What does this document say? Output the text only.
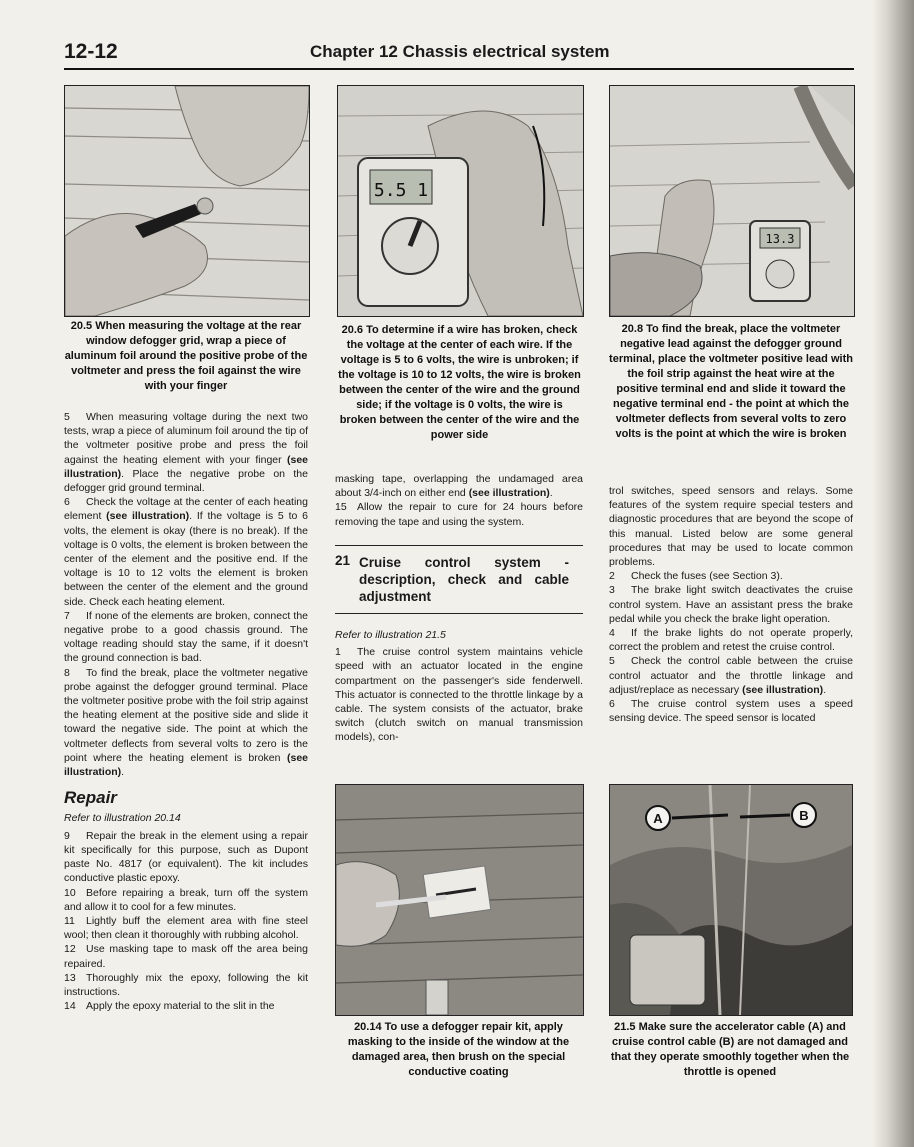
12-12	Chapter 12 Chassis electrical system
20.5 When measuring the voltage at the rear window defogger grid, wrap a piece of aluminum foil around the positive probe of the voltmeter and press the foil against the wire with your finger
5.5 1
20.6 To determine if a wire has broken, check the voltage at the center of each wire. If the voltage is 5 to 6 volts, the wire is unbroken; if the voltage is 10 to 12 volts, the wire is broken between the center of the wire and the ground side; if the voltage is 0 volts, the wire is broken between the center of the wire and the power side
13.3
20.8 To find the break, place the voltmeter negative lead against the defogger ground terminal, place the voltmeter positive lead with the foil strip against the heat wire at the positive terminal end and slide it toward the negative terminal end - the point at which the voltmeter deflects from several volts to zero volts is the point at which the wire is broken

5 When measuring voltage during the next two tests, wrap a piece of aluminum foil around the tip of the voltmeter positive probe and press the foil against the heating element with your finger (see illustration). Place the negative probe on the defogger grid ground terminal.

6 Check the voltage at the center of each heating element (see illustration). If the voltage is 5 to 6 volts, the element is okay (there is no break). If the voltage is 0 volts, the element is broken between the center of the element and the positive end. If the voltage is 10 to 12 volts the element is broken between the center of the element and the ground side. Check each heating element.

7 If none of the elements are broken, connect the negative probe to a good chassis ground. The voltage reading should stay the same, if it doesn't the ground connection is bad.

8 To find the break, place the voltmeter negative probe against the defogger ground terminal. Place the voltmeter positive probe with the foil strip against the heating element at the positive side and slide it toward the negative side. The point at which the voltmeter deflects from several volts to zero is the point where the heating element is broken (see illustration).

Repair

Refer to illustration 20.14

9 Repair the break in the element using a repair kit specifically for this purpose, such as Dupont paste No. 4817 (or equivalent). The kit includes conductive plastic epoxy.

10 Before repairing a break, turn off the system and allow it to cool for a few minutes.

11 Lightly buff the element area with fine steel wool; then clean it thoroughly with rubbing alcohol.

12 Use masking tape to mask off the area being repaired.

13 Thoroughly mix the epoxy, following the kit instructions.

14 Apply the epoxy material to the slit in the

masking tape, overlapping the undamaged area about 3/4-inch on either end (see illustration).

15 Allow the repair to cure for 24 hours before removing the tape and using the system.

21 Cruise control system - description, check and cable adjustment

Refer to illustration 21.5

1 The cruise control system maintains vehicle speed with an actuator located in the engine compartment on the passenger's side fenderwell. This actuator is connected to the throttle linkage by a cable. The system consists of the actuator, brake switch (clutch switch on manual transmission models), con-

20.14 To use a defogger repair kit, apply masking to the inside of the window at the damaged area, then brush on the special conductive coating

trol switches, speed sensors and relays. Some features of the system require special testers and diagnostic procedures that are beyond the scope of this manual. Listed below are some general procedures that may be used to locate common problems.

2 Check the fuses (see Section 3).

3 The brake light switch deactivates the cruise control system. Have an assistant press the brake pedal while you check the brake light operation.

4 If the brake lights do not operate properly, correct the problem and retest the cruise control.

5 Check the control cable between the cruise control actuator and the throttle linkage and adjust/replace as necessary (see illustration).

6 The cruise control system uses a speed sensing device. The speed sensor is located

A	B
21.5 Make sure the accelerator cable (A) and cruise control cable (B) are not damaged and that they operate smoothly together when the throttle is opened
